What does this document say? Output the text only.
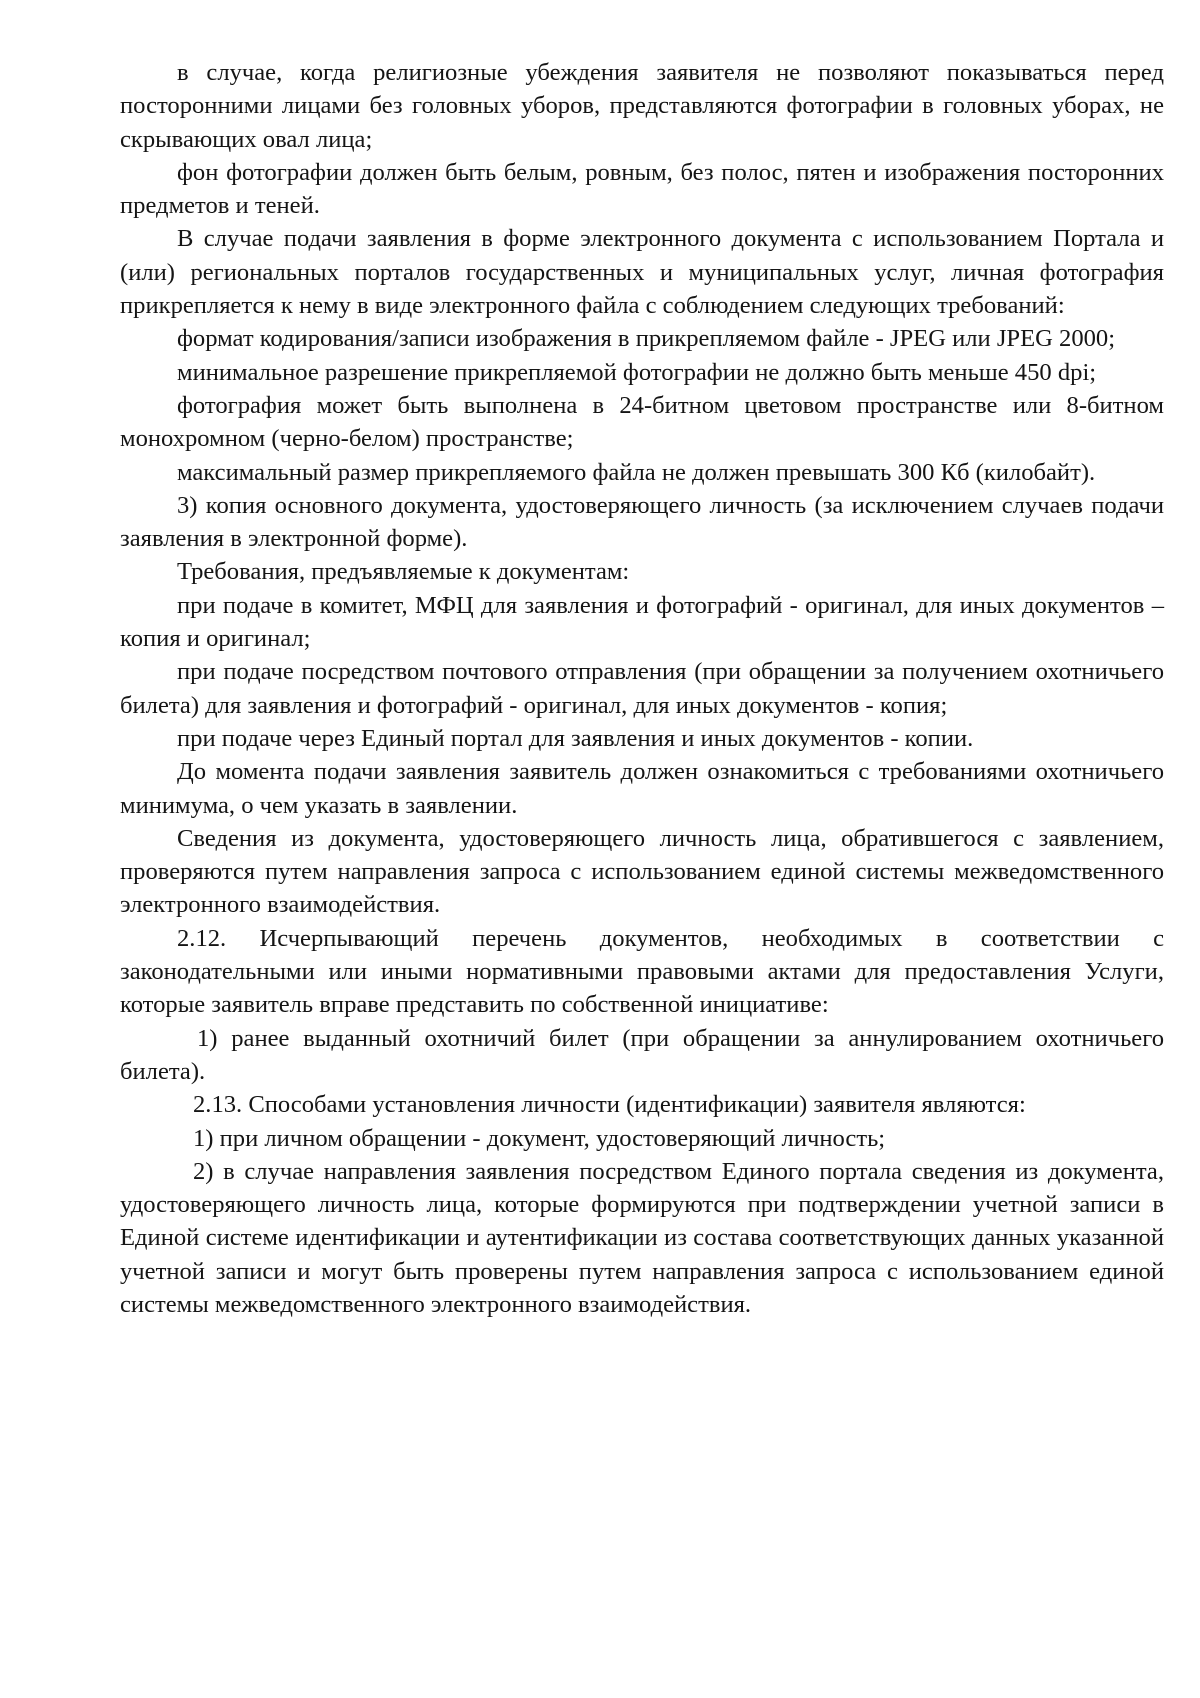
в случае, когда религиозные убеждения заявителя не позволяют показываться перед посторонними лицами без головных уборов, представляются фотографии в головных уборах, не скрывающих овал лица;

фон фотографии должен быть белым, ровным, без полос, пятен и изображения посторонних предметов и теней.

В случае подачи заявления в форме электронного документа с использованием Портала и (или) региональных порталов государственных и муниципальных услуг, личная фотография прикрепляется к нему в виде электронного файла с соблюдением следующих требований:

формат кодирования/записи изображения в прикрепляемом файле - JPEG или JPEG 2000;

минимальное разрешение прикрепляемой фотографии не должно быть меньше 450 dpi;

фотография может быть выполнена в 24-битном цветовом пространстве или 8-битном монохромном (черно-белом) пространстве;

максимальный размер прикрепляемого файла не должен превышать 300 Кб (килобайт).

3) копия основного документа, удостоверяющего личность (за исключением случаев подачи заявления в электронной форме).

Требования, предъявляемые к документам:

при подаче в комитет, МФЦ для заявления и фотографий - оригинал, для иных документов – копия и оригинал;

при подаче посредством почтового отправления (при обращении за получением охотничьего билета) для заявления и фотографий - оригинал, для иных документов - копия;

при подаче через Единый портал для заявления и иных документов - копии.

До момента подачи заявления заявитель должен ознакомиться с требованиями охотничьего минимума, о чем указать в заявлении.

Сведения из документа, удостоверяющего личность лица, обратившегося с заявлением, проверяются путем направления запроса с использованием единой системы межведомственного электронного взаимодействия.

2.12. Исчерпывающий перечень документов, необходимых в соответствии с законодательными или иными нормативными правовыми актами для предоставления Услуги, которые заявитель вправе представить по собственной инициативе:

1) ранее выданный охотничий билет (при обращении за аннулированием охотничьего билета).

2.13. Способами установления личности (идентификации) заявителя являются:

1) при личном обращении - документ, удостоверяющий личность;

2) в случае направления заявления посредством Единого портала сведения из документа, удостоверяющего личность лица, которые формируются при подтверждении учетной записи в Единой системе идентификации и аутентификации из состава соответствующих данных указанной учетной записи и могут быть проверены путем направления запроса с использованием единой системы межведомственного электронного взаимодействия.
